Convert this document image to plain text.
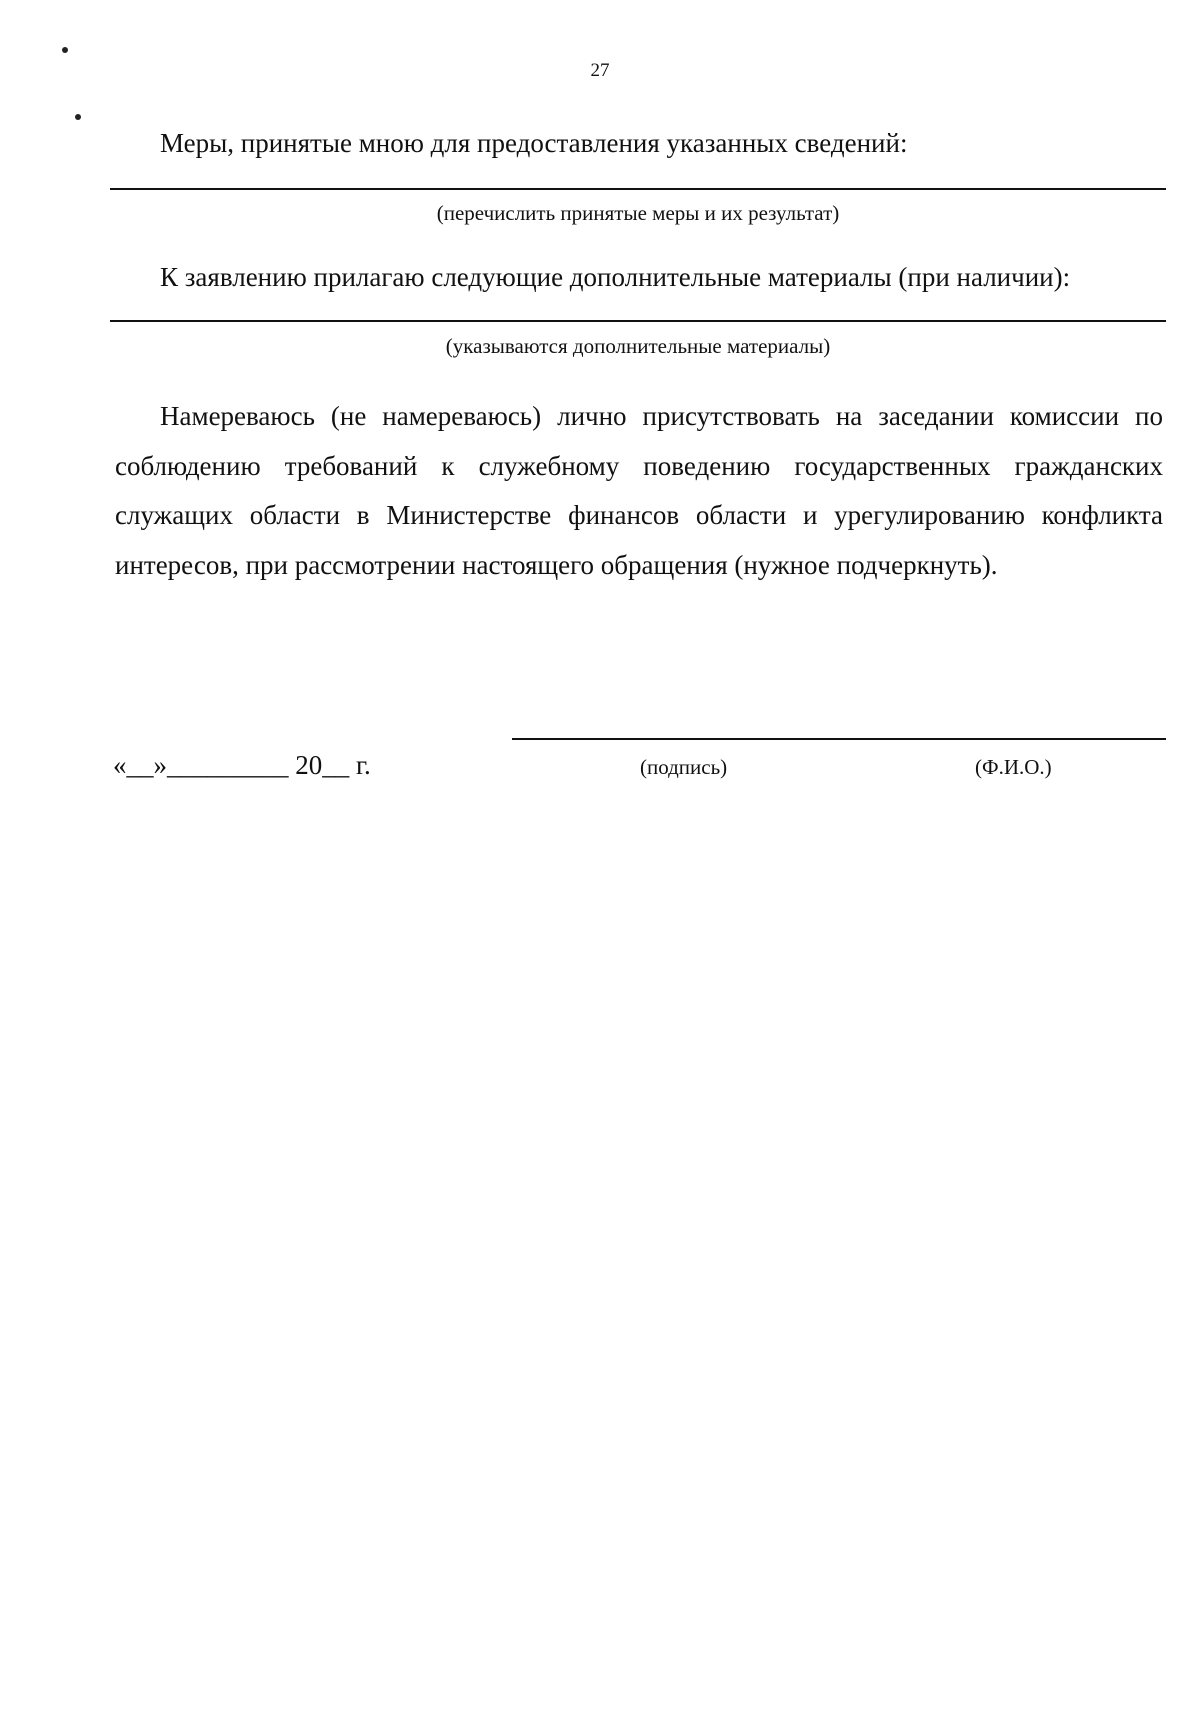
27
Меры, принятые мною для предоставления указанных сведений:
(перечислить принятые меры и их результат)
К заявлению прилагаю следующие дополнительные материалы (при наличии):
(указываются дополнительные материалы)
Намереваюсь (не намереваюсь) лично присутствовать на заседании комиссии по соблюдению требований к служебному поведению государственных гражданских служащих области в Министерстве финансов области и урегулированию конфликта интересов, при рассмотрении настоящего обращения (нужное подчеркнуть).
«__»_________ 20__ г.	(подпись)	(Ф.И.О.)
